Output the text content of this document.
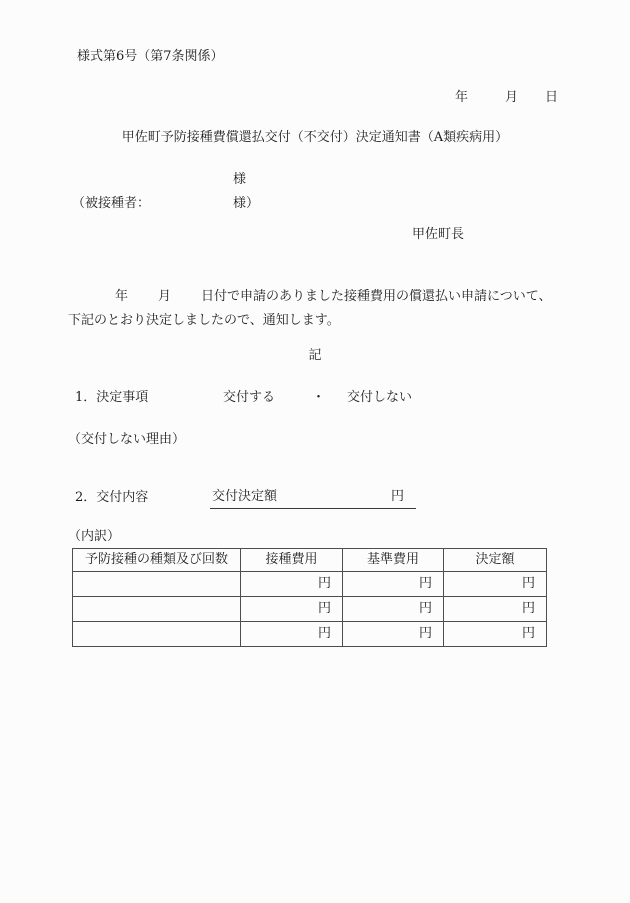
様式第6号（第7条関係）
年	月 日
甲佐町予防接種費償還払交付（不交付）決定通知書（A類疾病用）
様
（被接種者：	様）
甲佐町長
年 月 日付で申請のありました接種費用の償還払い申請について、
下記のとおり決定しましたので、通知します。
記
1．決定事項	交付する	・ 交付しない
（交付しない理由）
2．交付内容	交付決定額	円
（内訳）
予防接種の種類及び回数	接種費用	基準費用	決定額
	円	円	円
	円	円	円
	円	円	円
